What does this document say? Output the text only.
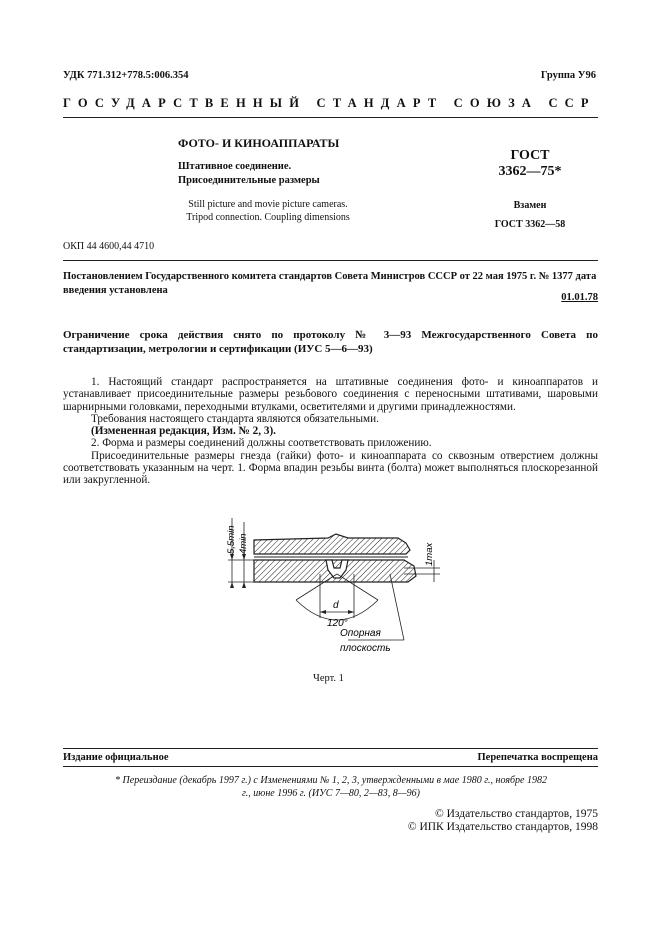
УДК 771.312+778.5:006.354	Группа У96
ГОСУДАРСТВЕННЫЙ СТАНДАРТ СОЮЗА ССР
ФОТО- И КИНОАППАРАТЫ
Штативное соединение.
Присоединительные размеры
Still picture and movie picture cameras.
Tripod connection. Coupling dimensions
ГОСТ
3362—75*
Взамен
ГОСТ 3362—58
ОКП 44 4600,44 4710
Постановлением Государственного комитета стандартов Совета Министров СССР от 22 мая 1975 г. № 1377 дата введения установлена
01.01.78
Ограничение срока действия снято по протоколу № 3—93 Межгосударственного Совета по стандартизации, метрологии и сертификации (ИУС 5—6—93)

1. Настоящий стандарт распространяется на штативные соединения фото- и киноаппаратов и устанавливает присоединительные размеры резьбового соединения с переносными штативами, шаровыми шарнирными головками, переходными втулками, осветителями и другими принадлежностями.

Требования настоящего стандарта являются обязательными.

(Измененная редакция, Изм. № 2, 3).

2. Форма и размеры соединений должны соответствовать приложению.

Присоединительные размеры гнезда (гайки) фото- и киноаппарата со сквозным отверстием должны соответствовать указанным на черт. 1. Форма впадин резьбы винта (болта) может выполняться плоскорезанной или закругленной.

5,5min 4min	1max
d
120°
Опорная
плоскость
Черт. 1
Издание официальное	Перепечатка воспрещена
* Переиздание (декабрь 1997 г.) с Изменениями № 1, 2, 3, утвержденными в мае 1980 г., ноябре 1982 г., июне 1996 г. (ИУС 7—80, 2—83, 8—96)
© Издательство стандартов, 1975
© ИПК Издательство стандартов, 1998
